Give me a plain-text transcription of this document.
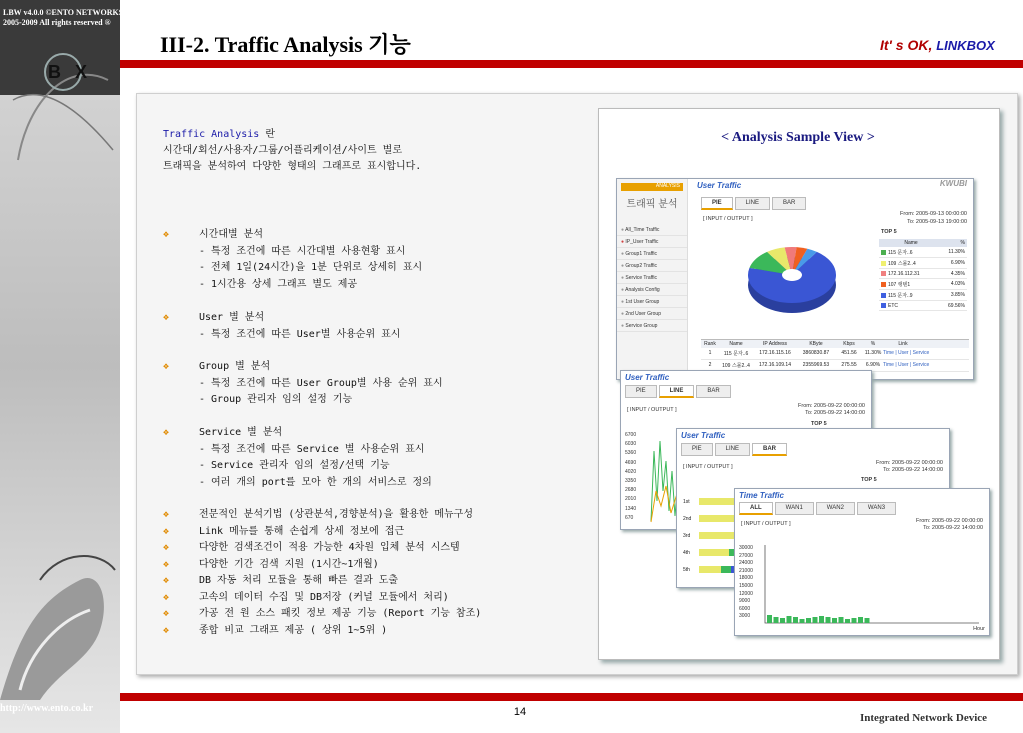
LBW v4.0.0 ©ENTO NETWORKS
2005-2009 All rights reserved ®
BX
http://www.ento.co.kr
III-2. Traffic Analysis 기능	It' s OK, LINKBOX
Traffic Analysis 란
시간대/회선/사용자/그룹/어플리케이션/사이트 별로
트래픽을 분석하여 다양한 형태의 그래프로 표시합니다.
❖	시간대별 분석
- 특정 조건에 따른 시간대별 사용현황 표시
- 전체 1일(24시간)을 1분 단위로 상세히 표시
- 1시간용 상세 그래프 별도 제공
❖	User 별 분석
- 특정 조건에 따른 User별 사용순위 표시
❖	Group 별 분석
- 특정 조건에 따른 User Group별 사용 순위 표시
- Group 관리자 임의 설정 기능
❖	Service 별 분석
- 특정 조건에 따른 Service 별 사용순위 표시
- Service 관리자 임의 설정/선택 기능
- 여러 개의 port를 모아 한 개의 서비스로 정의
❖	전문적인 분석기법 (상관분석,경향분석)을 활용한 메뉴구성
❖	Link 메뉴를 통해 손쉽게 상세 정보에 접근
❖	다양한 검색조건이 적용 가능한 4차원 입체 분석 시스템
❖	다양한 기간 검색 지원 (1시간~1개월)
❖	DB 자동 처리 모듈을 통해 빠른 결과 도출
❖	고속의 데이터 수집 및 DB저장 (커널 모듈에서 처리)
❖	가공 전 원 소스 패킷 정보 제공 기능 (Report 기능 참조)
❖	종합 비교 그래프 제공 ( 상위 1~5위 )
< Analysis Sample View >
ANALYSIS
트래픽 분석
● All_Time Traffic
● IP_User Traffic
● Group1 Traffic
● Group2 Traffic
● Service Traffic
● Analysis Config
● 1st User Group
● 2nd User Group
● Service Group
User Traffic	KWUBI
PIE	LINE	BAR
[ INPUT / OUTPUT ]
From: 2005-09-13 00:00:00
To: 2005-09-13 19:00:00
TOP 5
Name	%
115 문자..6	11.30%
109 스몰2..4	6.90%
172.16.112.31	4.35%
107 랭텐1	4.03%
115 문자..9	3.85%
ETC	69.56%
Rank	Name	IP Address	KByte	Kbps	%	Link
1	115 문자..6	172.16.115.16	3860830.87	451.56	11.30% Time | User | Service
2	109 스몰2..4	172.16.109.14	2355969.53	275.55	6.90% Time | User | Service
User Traffic
PIE	LINE	BAR
[ INPUT / OUTPUT ]
From: 2005-09-22 00:00:00
To: 2005-09-22 14:00:00
TOP 5
6700
6030
5360
4690
4020
3350
2680
2010
1340
670
User Traffic
PIE	LINE	BAR
[ INPUT / OUTPUT ]
From: 2005-09-22 00:00:00
To: 2005-09-22 14:00:00
TOP 5
1st
2nd
3rd
4th
5th
Time Traffic
ALL	WAN1	WAN2	WAN3
[ INPUT / OUTPUT ]	From: 2005-09-22 00:00:00
To: 2005-09-22 14:00:00
30000
27000
24000
21000
18000
15000
12000
9000
6000
3000
Hour
14	Integrated Network Device
